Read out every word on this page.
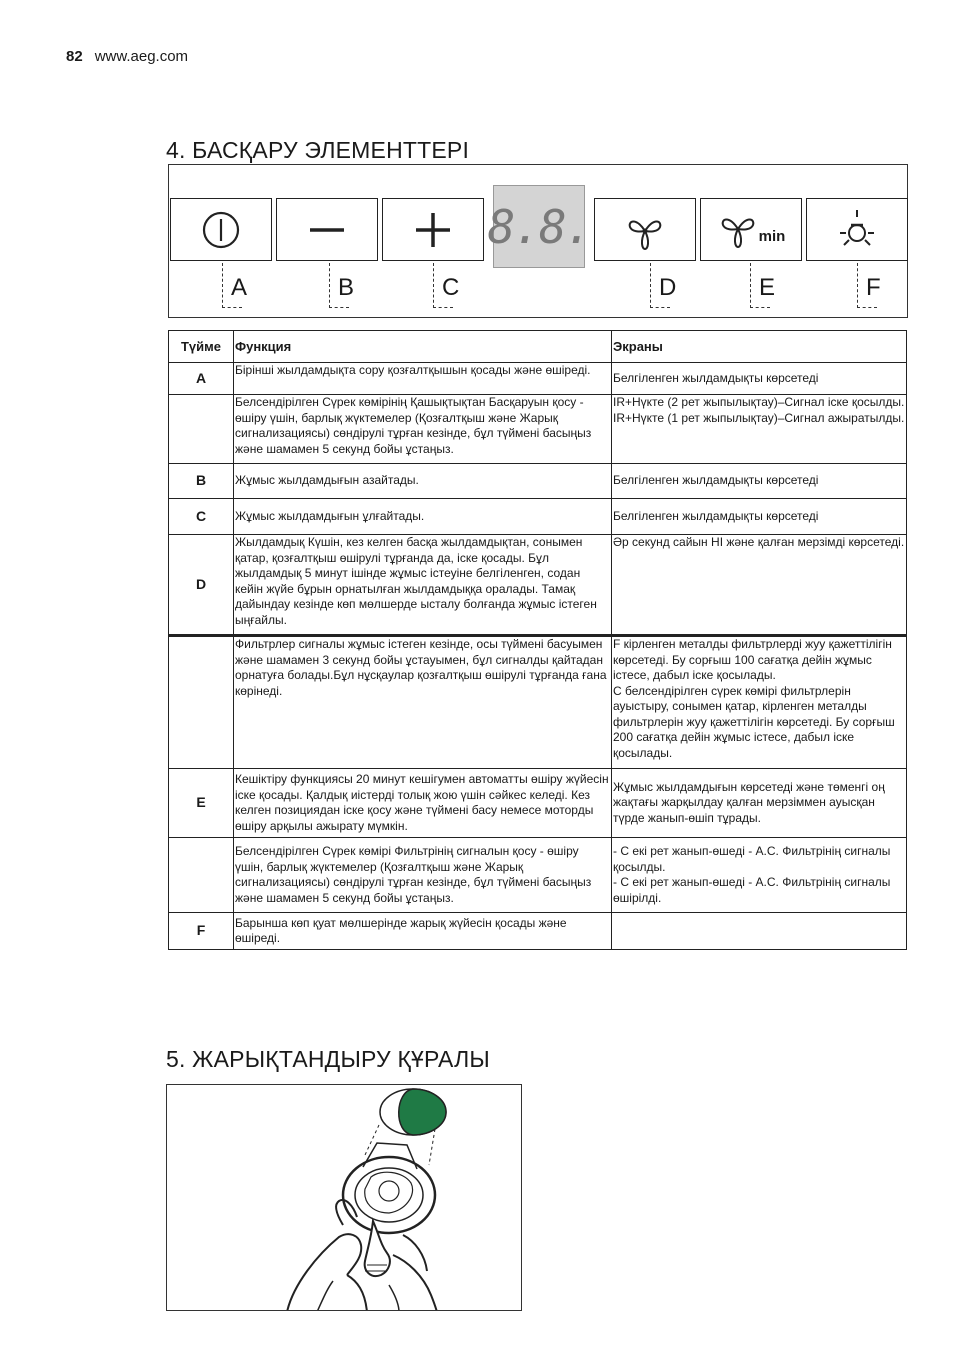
82 www.aeg.com
4. БАСҚАРУ ЭЛЕМЕНТТЕРІ
8.8.	min
A	B	C	D	E	F
Түйме	Функция	Экраны
A	Бірінші жылдамдықта сору қозғалтқышын қосады және өшіреді.	Белгіленген жылдамдықты көрсетеді
	Белсендірілген Сүрек көмірінің Қашықтықтан Басқаруын қосу - өшіру үшін, барлық жүктемелер (Қозғалтқыш және Жарық сигнализациясы) сөндірулі тұрған кезінде, бұл түймені басыңыз және шамамен 5 секунд бойы ұстаңыз.	IR+Нүкте (2 рет жыпылықтау)–Сигнал іске қосылды.
IR+Нүкте (1 рет жыпылықтау)–Сигнал ажыратылды.
B	Жұмыс жылдамдығын азайтады.	Белгіленген жылдамдықты көрсетеді
C	Жұмыс жылдамдығын ұлғайтады.	Белгіленген жылдамдықты көрсетеді
D	Жылдамдық Күшін, кез келген басқа жылдамдықтан, сонымен қатар, қозғалтқыш өшірулі тұрғанда да, іске қосады. Бұл жылдамдық 5 минут ішінде жұмыс істеуіне белгіленген, содан кейін жүйе бұрын орнатылған жылдамдыққа оралады. Тамақ дайындау кезінде көп мөлшерде ысталу болғанда жұмыс істеген ыңғайлы.	Әр секунд сайын HI және қалған мерзімді көрсетеді.
	Фильтрлер сигналы жұмыс істеген кезінде, осы түймені басуымен және шамамен 3 секунд бойы ұстауымен, бұл сигналды қайтадан орнатуға болады.Бұл нұсқаулар қозғалтқыш өшірулі тұрғанда ғана көрінеді.	F кірленген металды фильтрлерді жуу қажеттілігін көрсетеді. Бу сорғыш 100 сағатқа дейін жұмыс істесе, дабыл іске қосылады.
C белсендірілген сүрек көмірі фильтрлерін ауыстыру, сонымен қатар, кірленген металды фильтрлерін жуу қажеттілігін көрсетеді. Бу сорғыш 200 сағатқа дейін жұмыс істесе, дабыл іске қосылады.
E	Кешіктіру функциясы 20 минут кешігумен автоматты өшіру жүйесін іске қосады. Қалдық иістерді толық жою үшін сәйкес келеді. Кез келген позициядан іске қосу және түймені басу немесе моторды өшіру арқылы ажырату мүмкін.	Жұмыс жылдамдығын көрсетеді және төменгі оң жақтағы жарқылдау қалған мерзіммен ауысқан түрде жанып-өшіп тұрады.
	Белсендірілген Сүрек көмірі Фильтрінің сигналын қосу - өшіру үшін, барлық жүктемелер (Қозғалтқыш және Жарық сигнализациясы) сөндірулі тұрған кезінде, бұл түймені басыңыз және шамамен 5 секунд бойы ұстаңыз.	- С екі рет жанып-өшеді - А.С. Фильтрінің сигналы қосылды.
- С екі рет жанып-өшеді - А.С. Фильтрінің сигналы өшірілді.
F	Барынша көп қуат мөлшерінде жарық жүйесін қосады және өшіреді.	
5. ЖАРЫҚТАНДЫРУ ҚҰРАЛЫ
